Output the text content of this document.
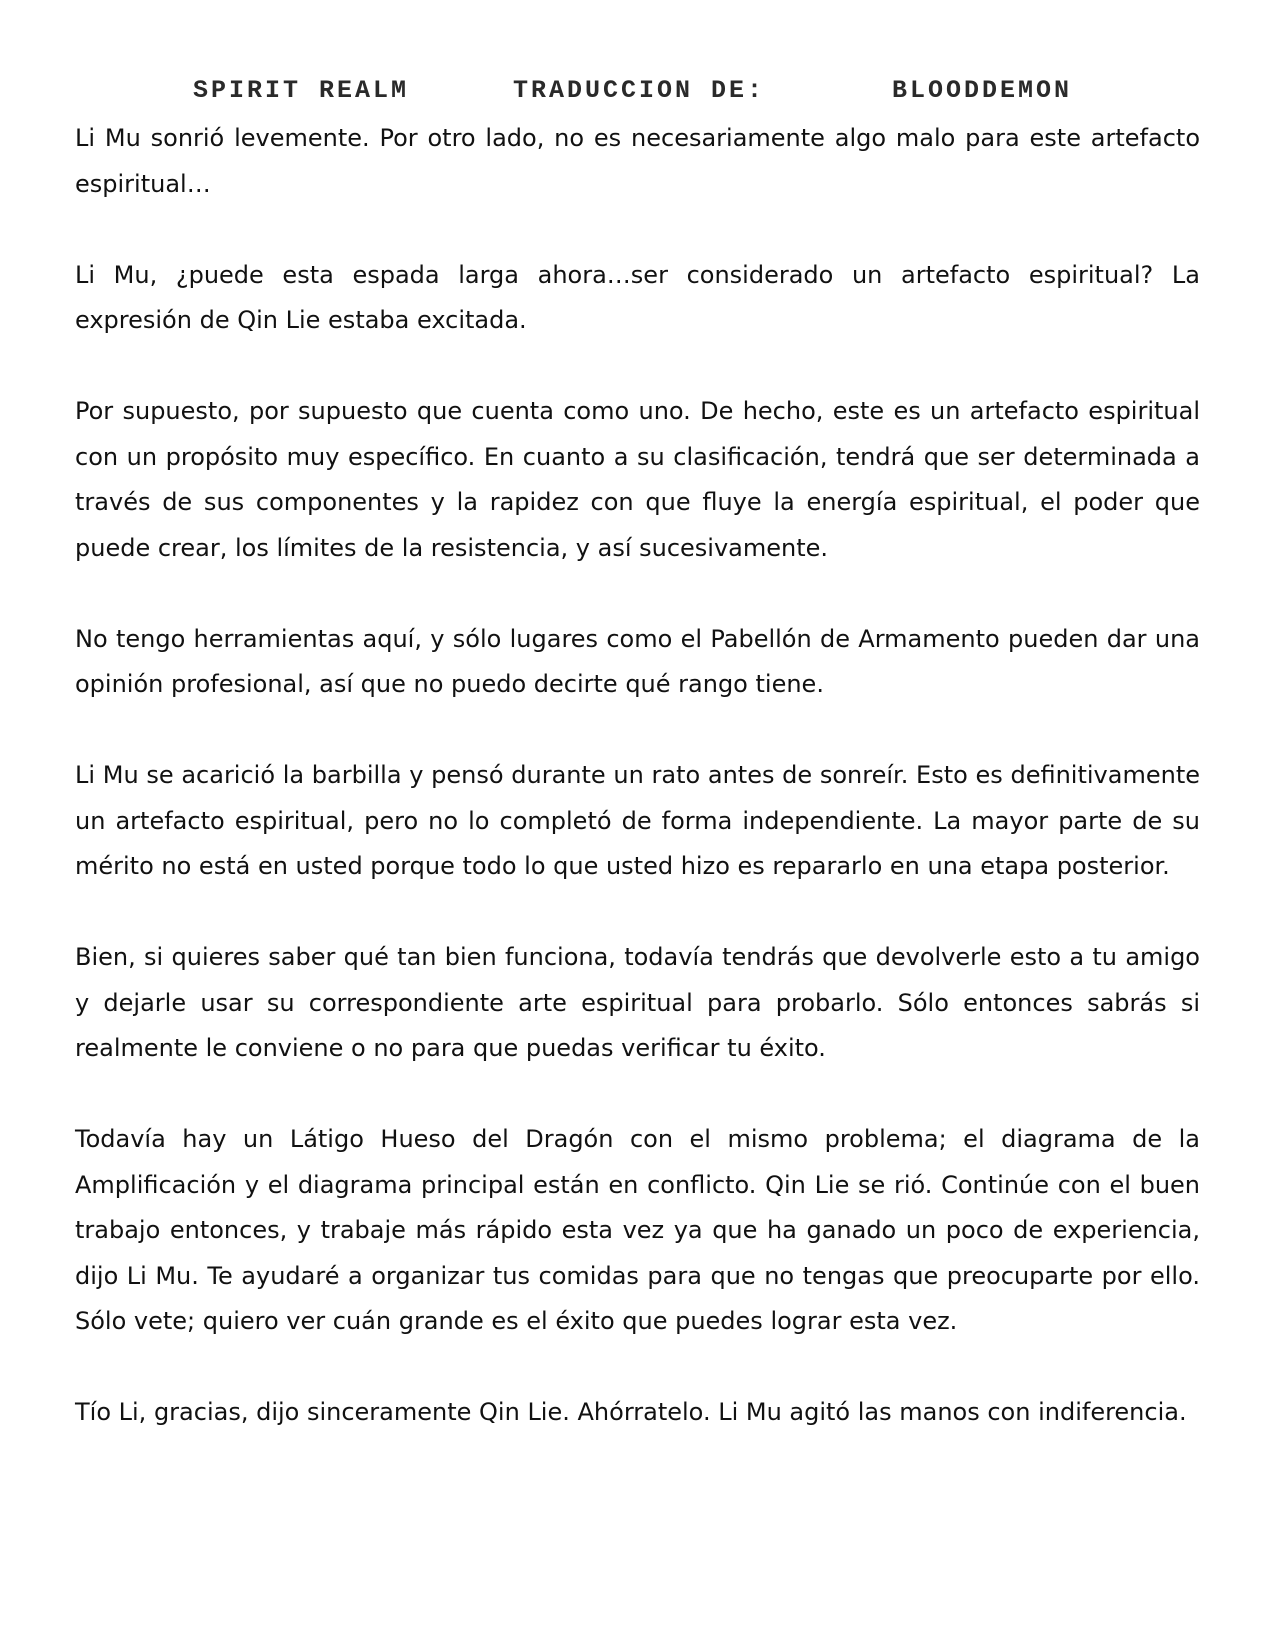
SPIRIT REALM	TRADUCCION DE:	BLOODDEMON

Li Mu sonrió levemente. Por otro lado, no es necesariamente algo malo para este artefacto espiritual…

Li Mu, ¿puede esta espada larga ahora…ser considerado un artefacto espiritual? La expresión de Qin Lie estaba excitada.

Por supuesto, por supuesto que cuenta como uno. De hecho, este es un artefacto espiritual con un propósito muy específico. En cuanto a su clasificación, tendrá que ser determinada a través de sus componentes y la rapidez con que fluye la energía espiritual, el poder que puede crear, los límites de la resistencia, y así sucesivamente.

No tengo herramientas aquí, y sólo lugares como el Pabellón de Armamento pueden dar una opinión profesional, así que no puedo decirte qué rango tiene.

Li Mu se acarició la barbilla y pensó durante un rato antes de sonreír. Esto es definitivamente un artefacto espiritual, pero no lo completó de forma independiente. La mayor parte de su mérito no está en usted porque todo lo que usted hizo es repararlo en una etapa posterior.

Bien, si quieres saber qué tan bien funciona, todavía tendrás que devolverle esto a tu amigo y dejarle usar su correspondiente arte espiritual para probarlo. Sólo entonces sabrás si realmente le conviene o no para que puedas verificar tu éxito.

Todavía hay un Látigo Hueso del Dragón con el mismo problema; el diagrama de la Amplificación y el diagrama principal están en conflicto. Qin Lie se rió. Continúe con el buen trabajo entonces, y trabaje más rápido esta vez ya que ha ganado un poco de experiencia, dijo Li Mu. Te ayudaré a organizar tus comidas para que no tengas que preocuparte por ello. Sólo vete; quiero ver cuán grande es el éxito que puedes lograr esta vez.

Tío Li, gracias, dijo sinceramente Qin Lie. Ahórratelo. Li Mu agitó las manos con indiferencia.
